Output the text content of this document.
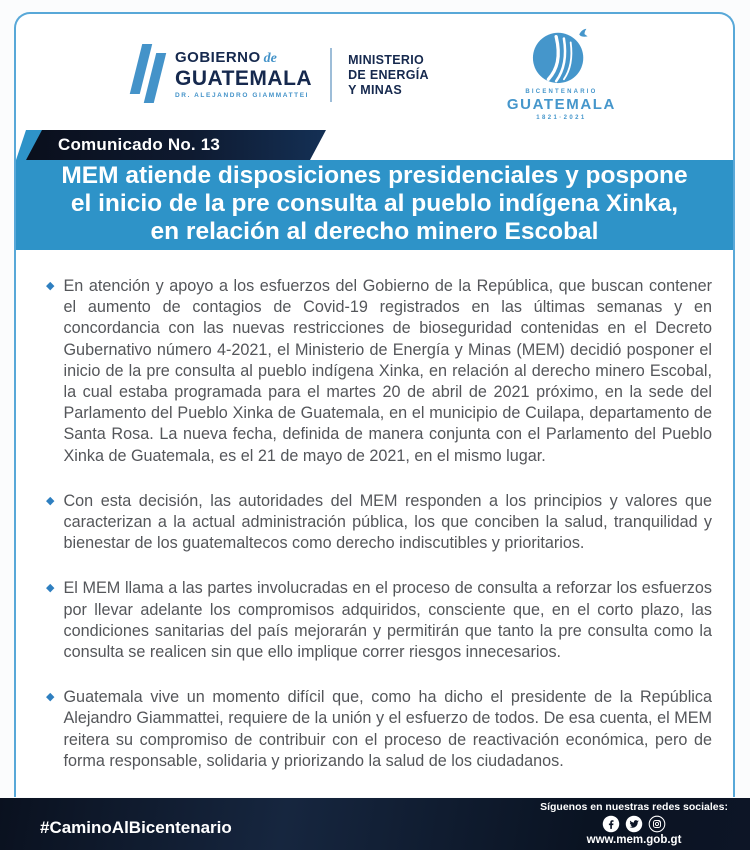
GOBIERNO de
GUATEMALA
DR. ALEJANDRO GIAMMATTEI
MINISTERIO
DE ENERGÍA
Y MINAS	BICENTENARIO
GUATEMALA
1821·2021
Comunicado No. 13
MEM atiende disposiciones presidenciales y pospone
el inicio de la pre consulta al pueblo indígena Xinka,
en relación al derecho minero Escobal
◆ En atención y apoyo a los esfuerzos del Gobierno de la República, que buscan contener el aumento de contagios de Covid-19 registrados en las últimas semanas y en concordancia con las nuevas restricciones de bioseguridad contenidas en el Decreto Gubernativo número 4-2021, el Ministerio de Energía y Minas (MEM) decidió posponer el inicio de la pre consulta al pueblo indígena Xinka, en relación al derecho minero Escobal, la cual estaba programada para el martes 20 de abril de 2021 próximo, en la sede del Parlamento del Pueblo Xinka de Guatemala, en el municipio de Cuilapa, departamento de Santa Rosa. La nueva fecha, definida de manera conjunta con el Parlamento del Pueblo Xinka de Guatemala, es el 21 de mayo de 2021, en el mismo lugar.

◆ Con esta decisión, las autoridades del MEM responden a los principios y valores que caracterizan a la actual administración pública, los que conciben la salud, tranquilidad y bienestar de los guatemaltecos como derecho indiscutibles y prioritarios.

◆ El MEM llama a las partes involucradas en el proceso de consulta a reforzar los esfuerzos por llevar adelante los compromisos adquiridos, consciente que, en el corto plazo, las condiciones sanitarias del país mejorarán y permitirán que tanto la pre consulta como la consulta se realicen sin que ello implique correr riesgos innecesarios.

◆ Guatemala vive un momento difícil que, como ha dicho el presidente de la República Alejandro Giammattei, requiere de la unión y el esfuerzo de todos. De esa cuenta, el MEM reitera su compromiso de contribuir con el proceso de reactivación económica, pero de forma responsable, solidaria y priorizando la salud de los ciudadanos.

#CaminoAlBicentenario
Síguenos en nuestras redes sociales:
www.mem.gob.gt
